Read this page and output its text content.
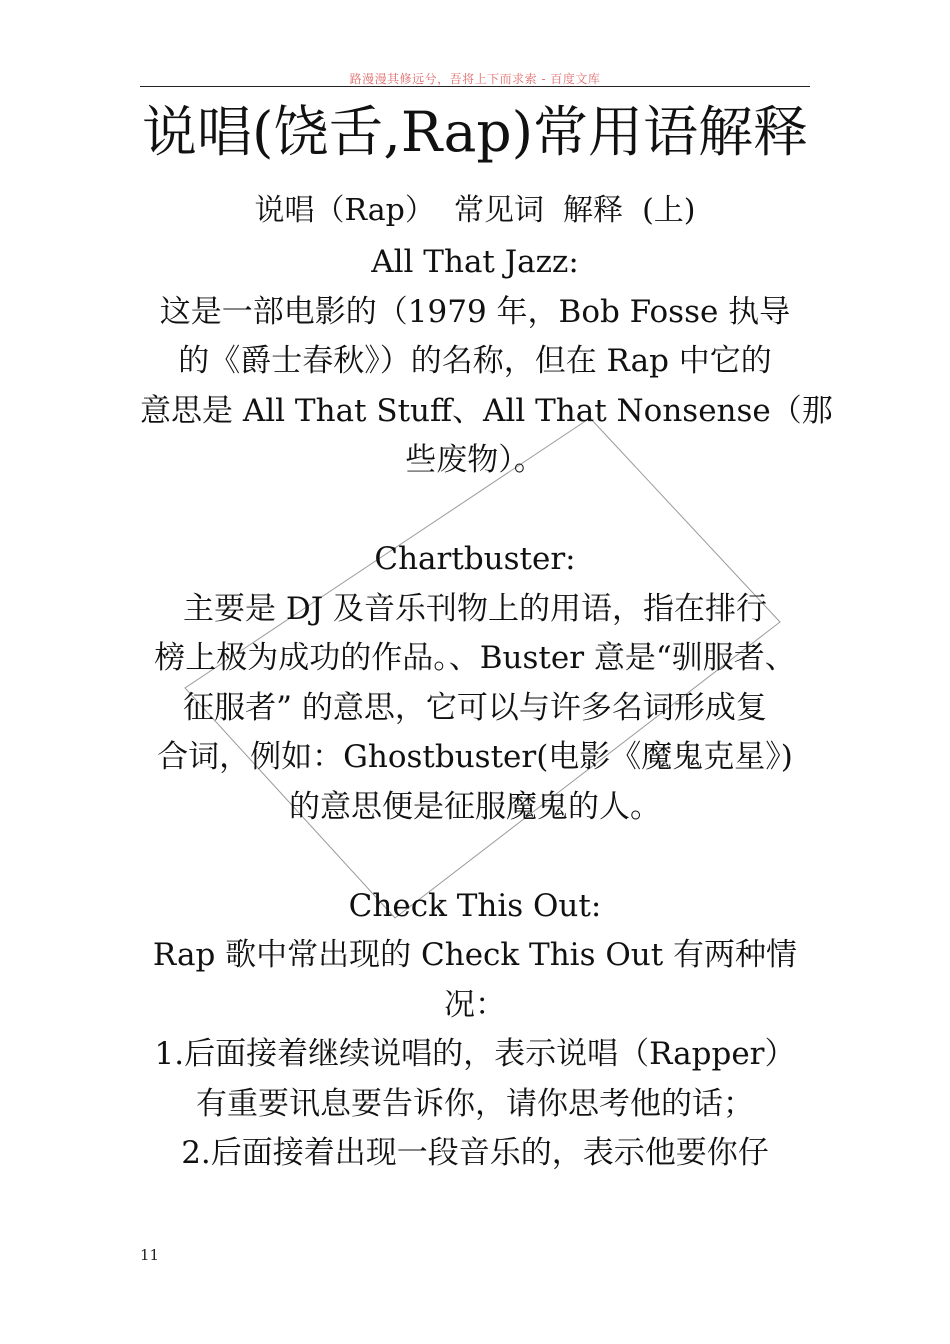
路漫漫其修远兮，吾将上下而求索 - 百度文库
说唱(饶舌,Rap)常用语解释
说唱（Rap）  常见词  解释  (上)
All That Jazz:
这是一部电影的（1979 年，Bob Fosse 执导
的《爵士春秋》）的名称，但在 Rap 中它的
意思是 All That Stuff、All That Nonsense（那
些废物）。
Chartbuster:
主要是 DJ 及音乐刊物上的用语，指在排行
榜上极为成功的作品。、Buster 意是“驯服者、
征服者” 的意思，它可以与许多名词形成复
合词，例如：Ghostbuster(电影《魔鬼克星》)
的意思便是征服魔鬼的人。
Check This Out:
Rap 歌中常出现的 Check This Out 有两种情
况：
1.后面接着继续说唱的，表示说唱（Rapper）
有重要讯息要告诉你，请你思考他的话；
2.后面接着出现一段音乐的，表示他要你仔
11
